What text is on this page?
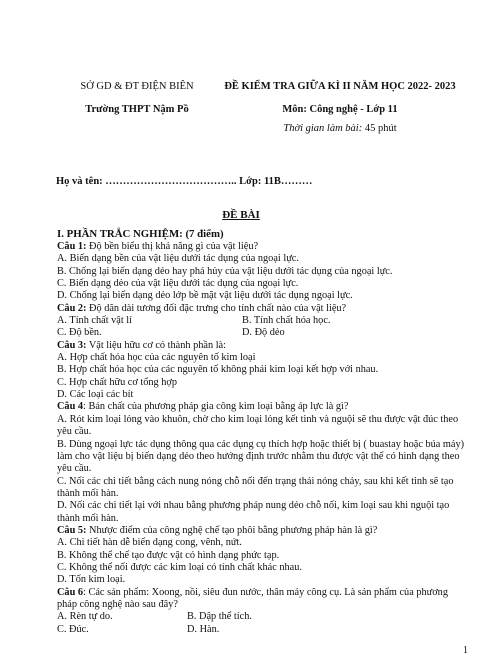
SỞ GD & ĐT ĐIỆN BIÊN
Trường THPT Nậm Pồ
ĐỀ KIỂM TRA GIỮA KÌ II NĂM HỌC 2022- 2023
Môn: Công nghệ - Lớp 11
Thời gian làm bài: 45 phút
Họ và tên: ……………………………….. Lớp: 11B………
ĐỀ BÀI
I. PHẦN TRẮC NGHIỆM: (7 điểm)

Câu 1: Độ bền biểu thị khả năng gì của vật liệu?

A. Biến dạng bền của vật liệu dưới tác dụng của ngoại lực.

B. Chống lại biến dạng dẻo hay phá hủy của vật liệu dưới tác dụng của ngoại lực.

C. Biến dạng dẻo của vật liệu dưới tác dụng của ngoại lực.

D. Chống lại biến dạng dẻo lớp bề mặt vật liệu dưới tác dụng ngoại lực.

Câu 2: Độ dãn dài tương đối đặc trưng cho tính chất nào của vật liệu?

A. Tính chất vật lí	B. Tính chất hóa học.

C. Độ bền.	D. Độ dẻo

Câu 3: Vật liệu hữu cơ có thành phần là:

A. Hợp chất hóa học của các nguyên tố kim loại

B. Hợp chất hóa học của các nguyên tố không phải kim loại kết hợp với nhau.

C. Hợp chất hữu cơ tổng hợp

D. Các loại các bít

Câu 4: Bản chất của phương pháp gia công kim loại bằng áp lực là gì?

A. Rót kim loại lỏng vào khuôn, chờ cho kim loại lỏng kết tinh và nguội sẽ thu được vật đúc theo yêu cầu.

B. Dùng ngoại lực tác dụng thông qua các dụng cụ thích hợp hoặc thiết bị ( buastay hoặc búa máy) làm cho vật liệu bị biến dạng dẻo theo hướng định trước nhằm thu được vật thể có hình dạng theo yêu cầu.

C. Nối các chi tiết bằng cách nung nóng chỗ nối đến trạng thái nóng chảy, sau khi kết tinh sẽ tạo thành mối hàn.

D. Nối các chi tiết lại với nhau bằng phương pháp nung dẻo chỗ nối, kim loại sau khi nguội tạo thành mối hàn.

Câu 5: Nhược điểm của công nghệ chế tạo phôi bằng phương pháp hàn là gì?

A. Chi tiết hàn dễ biến dạng cong, vênh, nứt.

B. Không thể chế tạo được vật có hình dạng phức tạp.

C. Không thể nối được các kim loại có tính chất khác nhau.

D. Tốn kim loại.

Câu 6: Các sản phẩm: Xoong, nồi, siêu đun nước, thân máy công cụ. Là sản phẩm của phương pháp công nghệ nào sau đây?

A. Rèn tự do.	B. Dập thể tích.

C. Đúc.	D. Hàn.

1
